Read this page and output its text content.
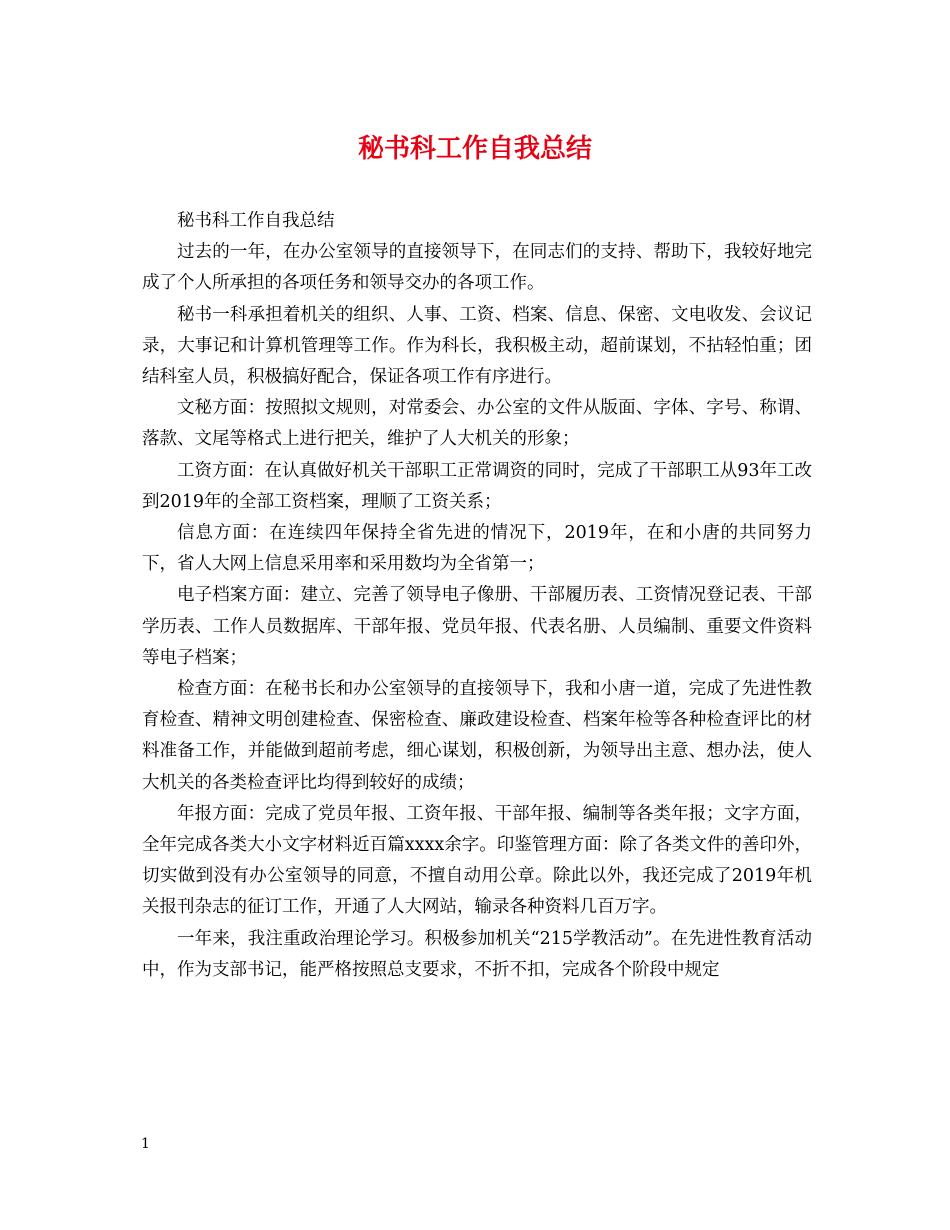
秘书科工作自我总结

秘书科工作自我总结

过去的一年，在办公室领导的直接领导下，在同志们的支持、帮助下，我较好地完成了个人所承担的各项任务和领导交办的各项工作。

秘书一科承担着机关的组织、人事、工资、档案、信息、保密、文电收发、会议记录，大事记和计算机管理等工作。作为科长，我积极主动，超前谋划，不拈轻怕重；团结科室人员，积极搞好配合，保证各项工作有序进行。

文秘方面：按照拟文规则，对常委会、办公室的文件从版面、字体、字号、称谓、落款、文尾等格式上进行把关，维护了人大机关的形象；

工资方面：在认真做好机关干部职工正常调资的同时，完成了干部职工从93年工改到2019年的全部工资档案，理顺了工资关系；

信息方面：在连续四年保持全省先进的情况下，2019年，在和小唐的共同努力下，省人大网上信息采用率和采用数均为全省第一；

电子档案方面：建立、完善了领导电子像册、干部履历表、工资情况登记表、干部学历表、工作人员数据库、干部年报、党员年报、代表名册、人员编制、重要文件资料等电子档案；

检查方面：在秘书长和办公室领导的直接领导下，我和小唐一道，完成了先进性教育检查、精神文明创建检查、保密检查、廉政建设检查、档案年检等各种检查评比的材料准备工作，并能做到超前考虑，细心谋划，积极创新，为领导出主意、想办法，使人大机关的各类检查评比均得到较好的成绩；

年报方面：完成了党员年报、工资年报、干部年报、编制等各类年报；文字方面，全年完成各类大小文字材料近百篇xxxx余字。印鉴管理方面：除了各类文件的善印外，切实做到没有办公室领导的同意，不擅自动用公章。除此以外，我还完成了2019年机关报刊杂志的征订工作，开通了人大网站，输录各种资料几百万字。

一年来，我注重政治理论学习。积极参加机关“215学教活动”。在先进性教育活动中，作为支部书记，能严格按照总支要求，不折不扣，完成各个阶段中规定

1
